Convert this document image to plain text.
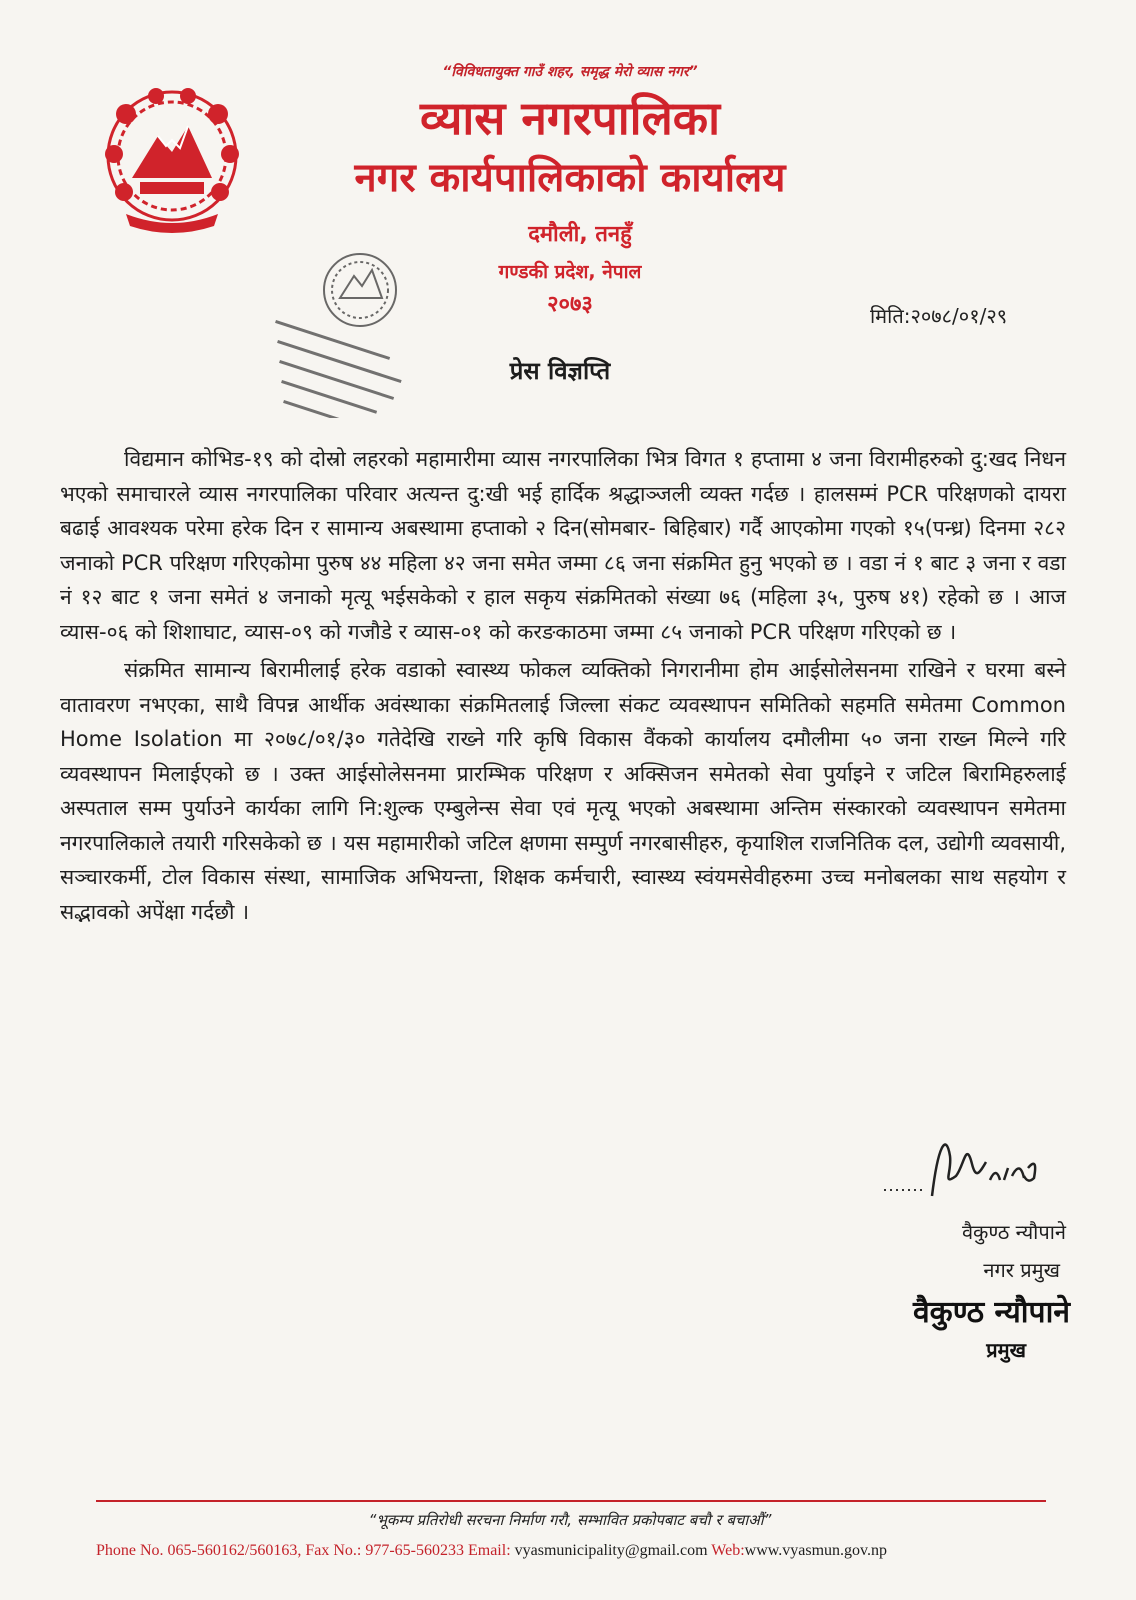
“विविधतायुक्त गाउँ शहर, समृद्ध मेरो व्यास नगर”
व्यास नगरपालिका
नगर कार्यपालिकाको कार्यालय
दमौली, तनहुँ
गण्डकी प्रदेश, नेपाल
२०७३	मिति:२०७८/०१/२९
प्रेस विज्ञप्ति

विद्यमान कोभिड-१९ को दोस्रो लहरको महामारीमा व्यास नगरपालिका भित्र विगत १ हप्तामा ४ जना विरामीहरुको दु:खद निधन भएको समाचारले व्यास नगरपालिका परिवार अत्यन्त दु:खी भई हार्दिक श्रद्धाञ्जली व्यक्त गर्दछ । हालसम्मं PCR परिक्षणको दायरा बढाई आवश्यक परेमा हरेक दिन र सामान्य अबस्थामा हप्ताको २ दिन(सोमबार- बिहिबार) गर्दै आएकोमा गएको १५(पन्ध्र) दिनमा २८२ जनाको PCR परिक्षण गरिएकोमा पुरुष ४४ महिला ४२ जना समेत जम्मा ८६ जना संक्रमित हुनु भएको छ । वडा नं १ बाट ३ जना र वडा नं १२ बाट १ जना समेतं ४ जनाको मृत्यू भईसकेको र हाल सकृय संक्रमितको संख्या ७६ (महिला ३५, पुरुष ४१) रहेको छ । आज व्यास-०६ को शिशाघाट, व्यास-०९ को गजौडे र व्यास-०१ को करङकाठमा जम्मा ८५ जनाको PCR परिक्षण गरिएको छ ।

संक्रमित सामान्य बिरामीलाई हरेक वडाको स्वास्थ्य फोकल व्यक्तिको निगरानीमा होम आईसोलेसनमा राखिने र घरमा बस्ने वातावरण नभएका, साथै विपन्न आर्थीक अवंस्थाका संक्रमितलाई जिल्ला संकट व्यवस्थापन समितिको सहमति समेतमा Common Home Isolation मा २०७८/०१/३० गतेदेखि राख्ने गरि कृषि विकास वैंकको कार्यालय दमौलीमा ५० जना राख्न मिल्ने गरि व्यवस्थापन मिलाईएको छ । उक्त आईसोलेसनमा प्रारम्भिक परिक्षण र अक्सिजन समेतको सेवा पुर्याइने र जटिल बिरामिहरुलाई अस्पताल सम्म पुर्याउने कार्यका लागि नि:शुल्क एम्बुलेन्स सेवा एवं मृत्यू भएको अबस्थामा अन्तिम संस्कारको व्यवस्थापन समेतमा नगरपालिकाले तयारी गरिसकेको छ । यस महामारीको जटिल क्षणमा सम्पुर्ण नगरबासीहरु, कृयाशिल राजनितिक दल, उद्योगी व्यवसायी, सञ्चारकर्मी, टोल विकास संस्था, सामाजिक अभियन्ता, शिक्षक कर्मचारी, स्वास्थ्य स्वंयमसेवीहरुमा उच्च मनोबलका साथ सहयोग र सद्भावको अपेंक्षा गर्दछौ ।

वैकुण्ठ न्यौपाने
नगर प्रमुख
वैकुण्ठ न्यौपाने
प्रमुख
“भूकम्प प्रतिरोधी सरचना निर्माण गरौ, सम्भावित प्रकोपबाट बचौ र बचाऔं”
Phone No. 065-560162/560163, Fax No.: 977-65-560233 Email: vyasmunicipality@gmail.com Web:www.vyasmun.gov.np
